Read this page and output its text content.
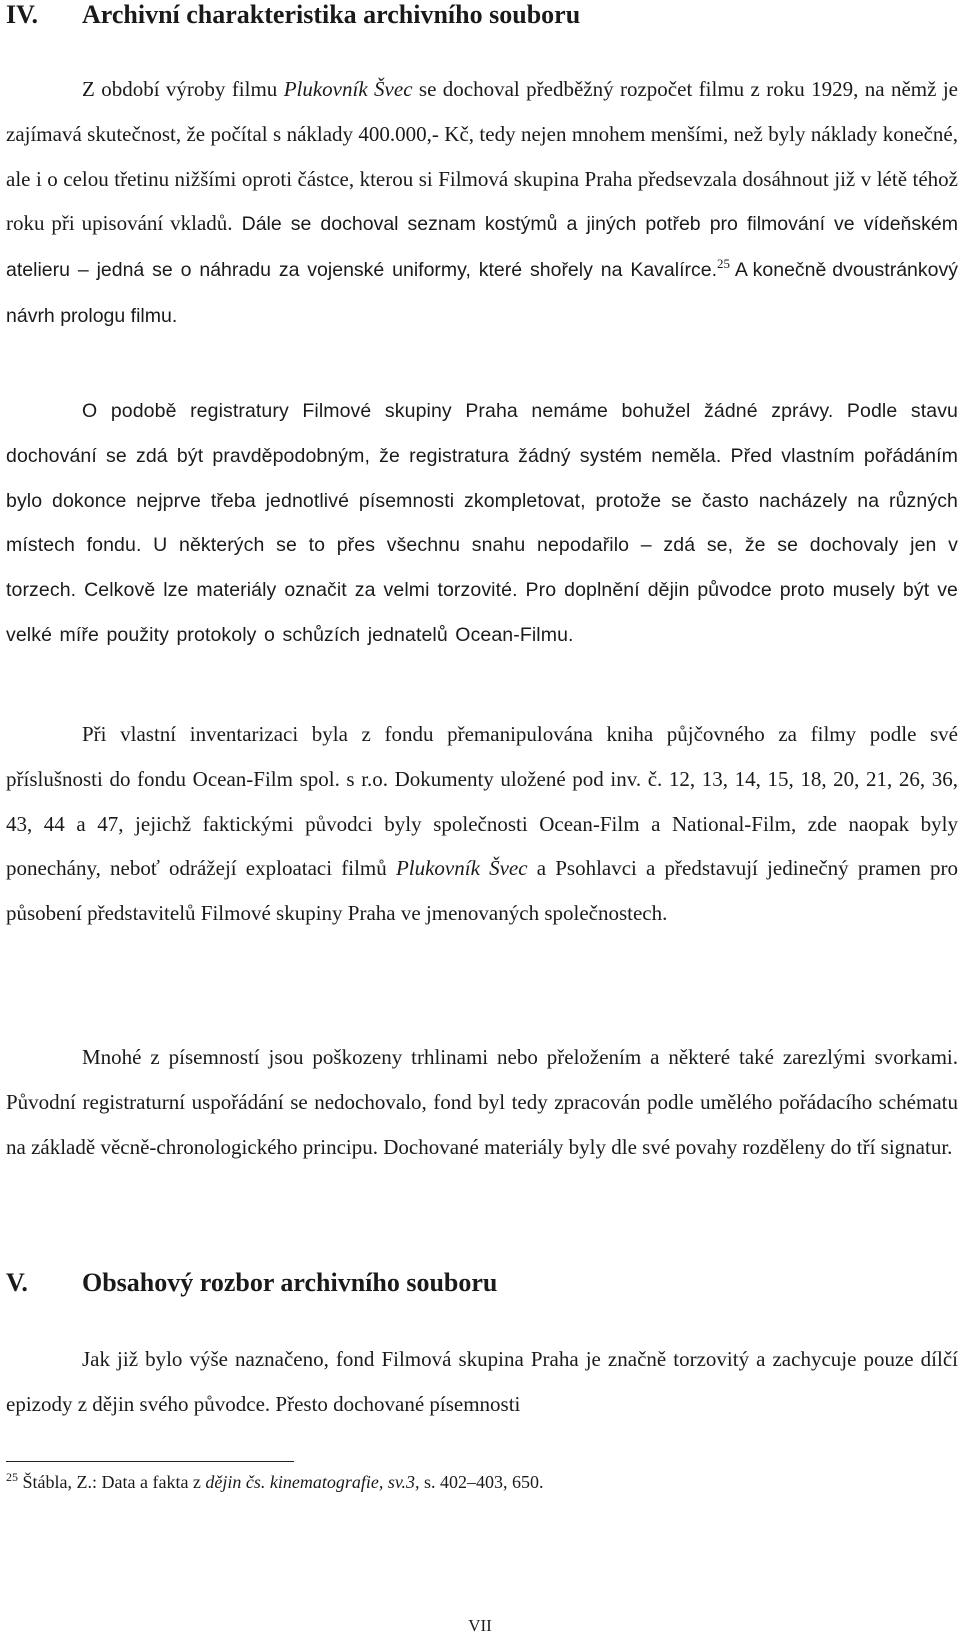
IV. Archivní charakteristika archivního souboru

Z období výroby filmu Plukovník Švec se dochoval předběžný rozpočet filmu z roku 1929, na němž je zajímavá skutečnost, že počítal s náklady 400.000,- Kč, tedy nejen mnohem menšími, než byly náklady konečné, ale i o celou třetinu nižšími oproti částce, kterou si Filmová skupina Praha předsevzala dosáhnout již v létě téhož roku při upisování vkladů. Dále se dochoval seznam kostýmů a jiných potřeb pro filmování ve vídeňském atelieru – jedná se o náhradu za vojenské uniformy, které shořely na Kavalírce.$^{25}$ A konečně dvoustránkový návrh prologu filmu.

O podobě registratury Filmové skupiny Praha nemáme bohužel žádné zprávy. Podle stavu dochování se zdá být pravděpodobným, že registratura žádný systém neměla. Před vlastním pořádáním bylo dokonce nejprve třeba jednotlivé písemnosti zkompletovat, protože se často nacházely na různých místech fondu. U některých se to přes všechnu snahu nepodařilo – zdá se, že se dochovaly jen v torzech. Celkově lze materiály označit za velmi torzovité. Pro doplnění dějin původce proto musely být ve velké míře použity protokoly o schůzích jednatelů Ocean-Filmu.

Při vlastní inventarizaci byla z fondu přemanipulována kniha půjčovného za filmy podle své příslušnosti do fondu Ocean-Film spol. s r.o. Dokumenty uložené pod inv. č. 12, 13, 14, 15, 18, 20, 21, 26, 36, 43, 44 a 47, jejichž faktickými původci byly společnosti Ocean-Film a National-Film, zde naopak byly ponechány, neboť odrážejí exploataci filmů Plukovník Švec a Psohlavci a představují jedinečný pramen pro působení představitelů Filmové skupiny Praha ve jmenovaných společnostech.

Mnohé z písemností jsou poškozeny trhlinami nebo přeložením a některé také zarezlými svorkami. Původní registraturní uspořádání se nedochovalo, fond byl tedy zpracován podle umělého pořádacího schématu na základě věcně-chronologického principu. Dochované materiály byly dle své povahy rozděleny do tří signatur.

V. Obsahový rozbor archivního souboru

Jak již bylo výše naznačeno, fond Filmová skupina Praha je značně torzovitý a zachycuje pouze dílčí epizody z dějin svého původce. Přesto dochované písemnosti

$^{25}$ Štábla, Z.: Data a fakta z dějin čs. kinematografie, sv.3, s. 402–403, 650.
VII
